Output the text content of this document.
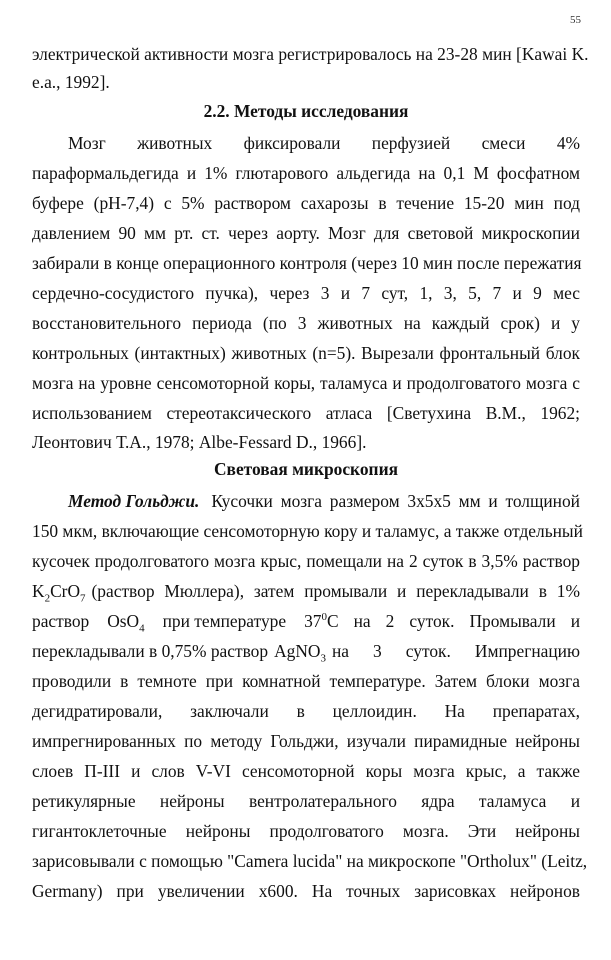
55
электрической активности мозга регистрировалось на 23-28 мин [Kawai K.
e.a., 1992].
2.2. Методы исследования
Мозг животных фиксировали перфузией смеси 4%
параформальдегида и 1% глютарового альдегида на 0,1 М фосфатном
буфере (pH-7,4) с 5% раствором сахарозы в течение 15-20 мин под
давлением 90 мм рт. ст. через аорту. Мозг для световой микроскопии
забирали в конце операционного контроля (через 10 мин после пережатия
сердечно-сосудистого пучка), через 3 и 7 сут, 1, 3, 5, 7 и 9 мес
восстановительного периода (по 3 животных на каждый срок) и у
контрольных (интактных) животных (n=5). Вырезали фронтальный блок
мозга на уровне сенсомоторной коры, таламуса и продолговатого мозга с
использованием стереотаксического атласа [Светухина В.М., 1962;
Леонтович Т.А., 1978; Albe-Fessard D., 1966].
Световая микроскопия
Метод Гольджи. Кусочки мозга размером 3х5х5 мм и толщиной
150 мкм, включающие сенсомоторную кору и таламус, а также отдельный
кусочек продолговатого мозга крыс, помещали на 2 суток в 3,5% раствор
$K_2CrO_7$ (раствор Мюллера), затем промывали и перекладывали в 1%
раствор OsO$_4$ при температуре $37^0$ C на 2 суток. Промывали и
перекладывали в 0,75% раствор AgNO$_3$ на 3 суток. Импрегнацию
проводили в темноте при комнатной температуре. Затем блоки мозга
дегидратировали, заключали в целлоидин. На препаратах,
импрегнированных по методу Гольджи, изучали пирамидные нейроны
слоев П-III и слов V-VI сенсомоторной коры мозга крыс, а также
ретикулярные нейроны вентролатерального ядра таламуса и
гигантоклеточные нейроны продолговатого мозга. Эти нейроны
зарисовывали с помощью "Camera lucida" на микроскопе "Ortholux" (Leitz,
Germany) при увеличении х600. На точных зарисовках нейронов
